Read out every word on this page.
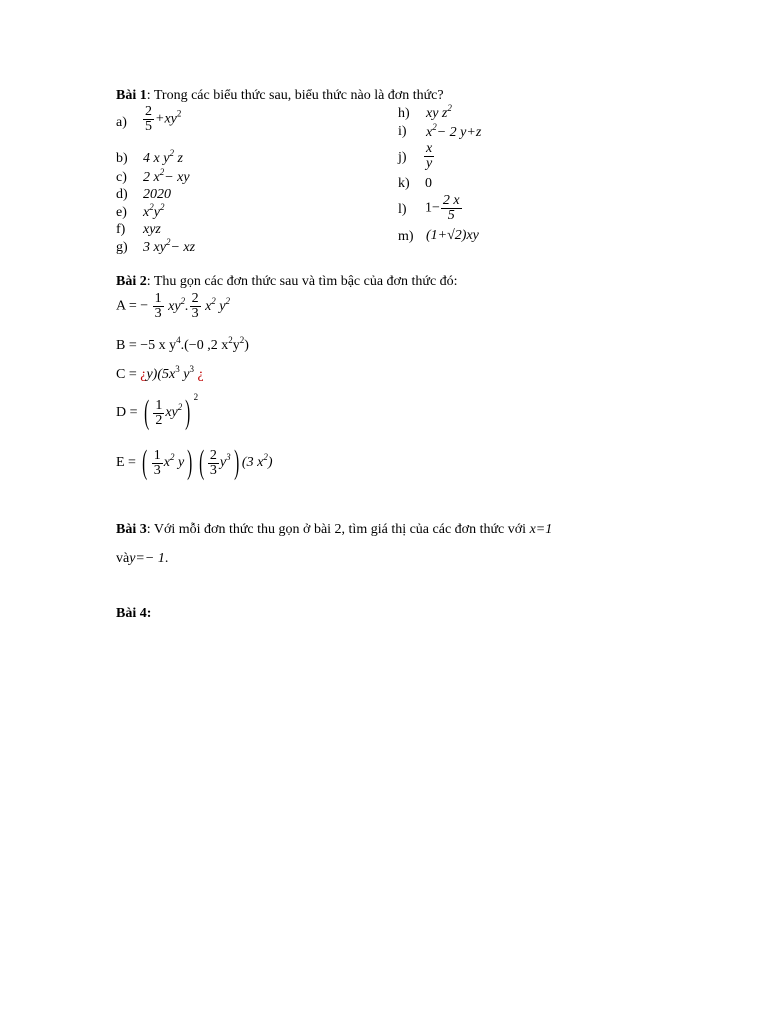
Bài 1: Trong các biểu thức sau, biểu thức nào là đơn thức?
$a) \frac{2}{5} +xy^2$
b) 4 x $y^2$ z
c) 2 $x^2-$ xy
d) 2020
e) $x^2y^2$
f) xyz
g) 3 $xy^2-$ xz
h) xy $z^2$
i) $x^2- 2$ y+z
$j) \frac{x}{y}$
k) 0
l) $1- \frac{2 x}{5}$
m) (1+√2)xy
Bài 2: Thu gọn các đơn thức sau và tìm bậc của đơn thức đó:
A = − $\frac{1}{3} xy^2$. $\frac{2}{3} x^2$ $y^2$
B = −5 x $y^4.(-0$ ,2 $x^2y^2$)
$C = ¿y)(5x^3$ $y^3$ ¿
D = ( $\frac{1}{2} xy^2$) $^2$
E = ( $\frac{1}{3} x^2$ y) ( $\frac{2}{3} y^3$) (3 $x^2$)
Bài 3: Với mỗi đơn thức thu gọn ở bài 2, tìm giá thị của các đơn thức với x=1
vày=− 1.
Bài 4:
